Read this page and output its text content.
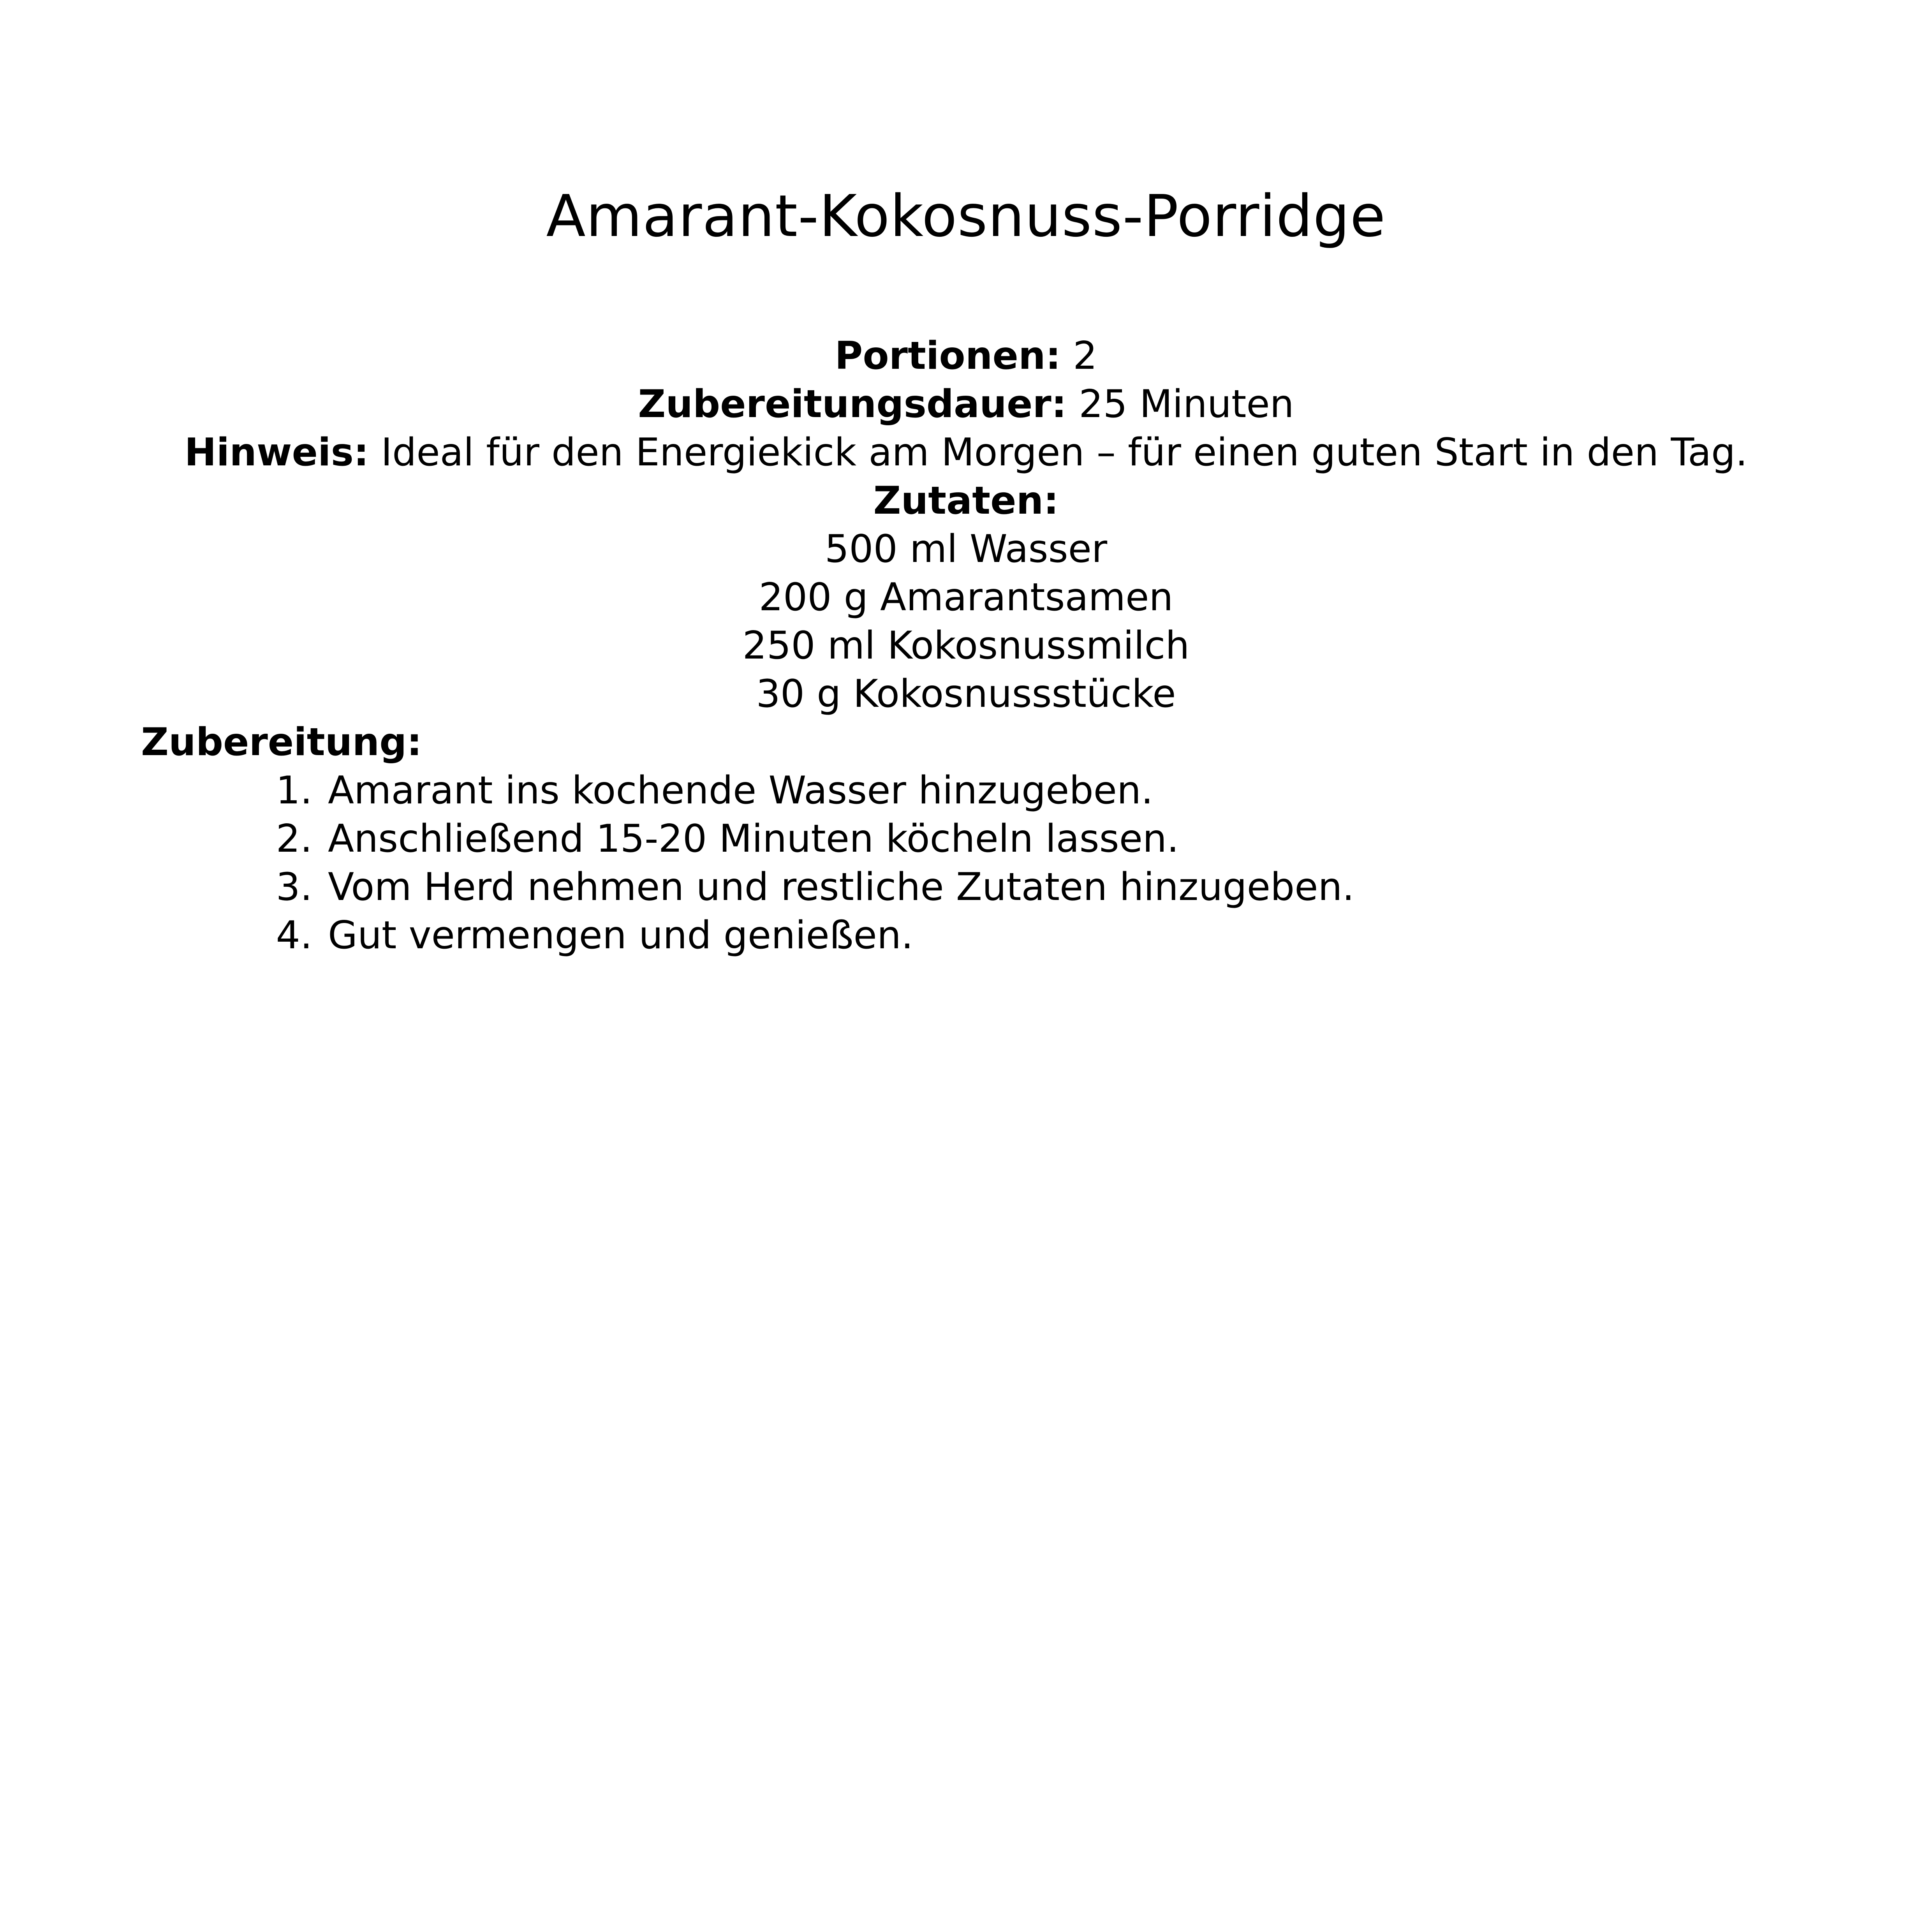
Amarant-Kokosnuss-Porridge
Portionen: 2
Zubereitungsdauer: 25 Minuten
Hinweis: Ideal für den Energiekick am Morgen – für einen guten Start in den Tag.
Zutaten:
500 ml Wasser
200 g Amarantsamen
250 ml Kokosnussmilch
30 g Kokosnussstücke
Zubereitung:
1. Amarant ins kochende Wasser hinzugeben.
2. Anschließend 15-20 Minuten köcheln lassen.
3. Vom Herd nehmen und restliche Zutaten hinzugeben.
4. Gut vermengen und genießen.
